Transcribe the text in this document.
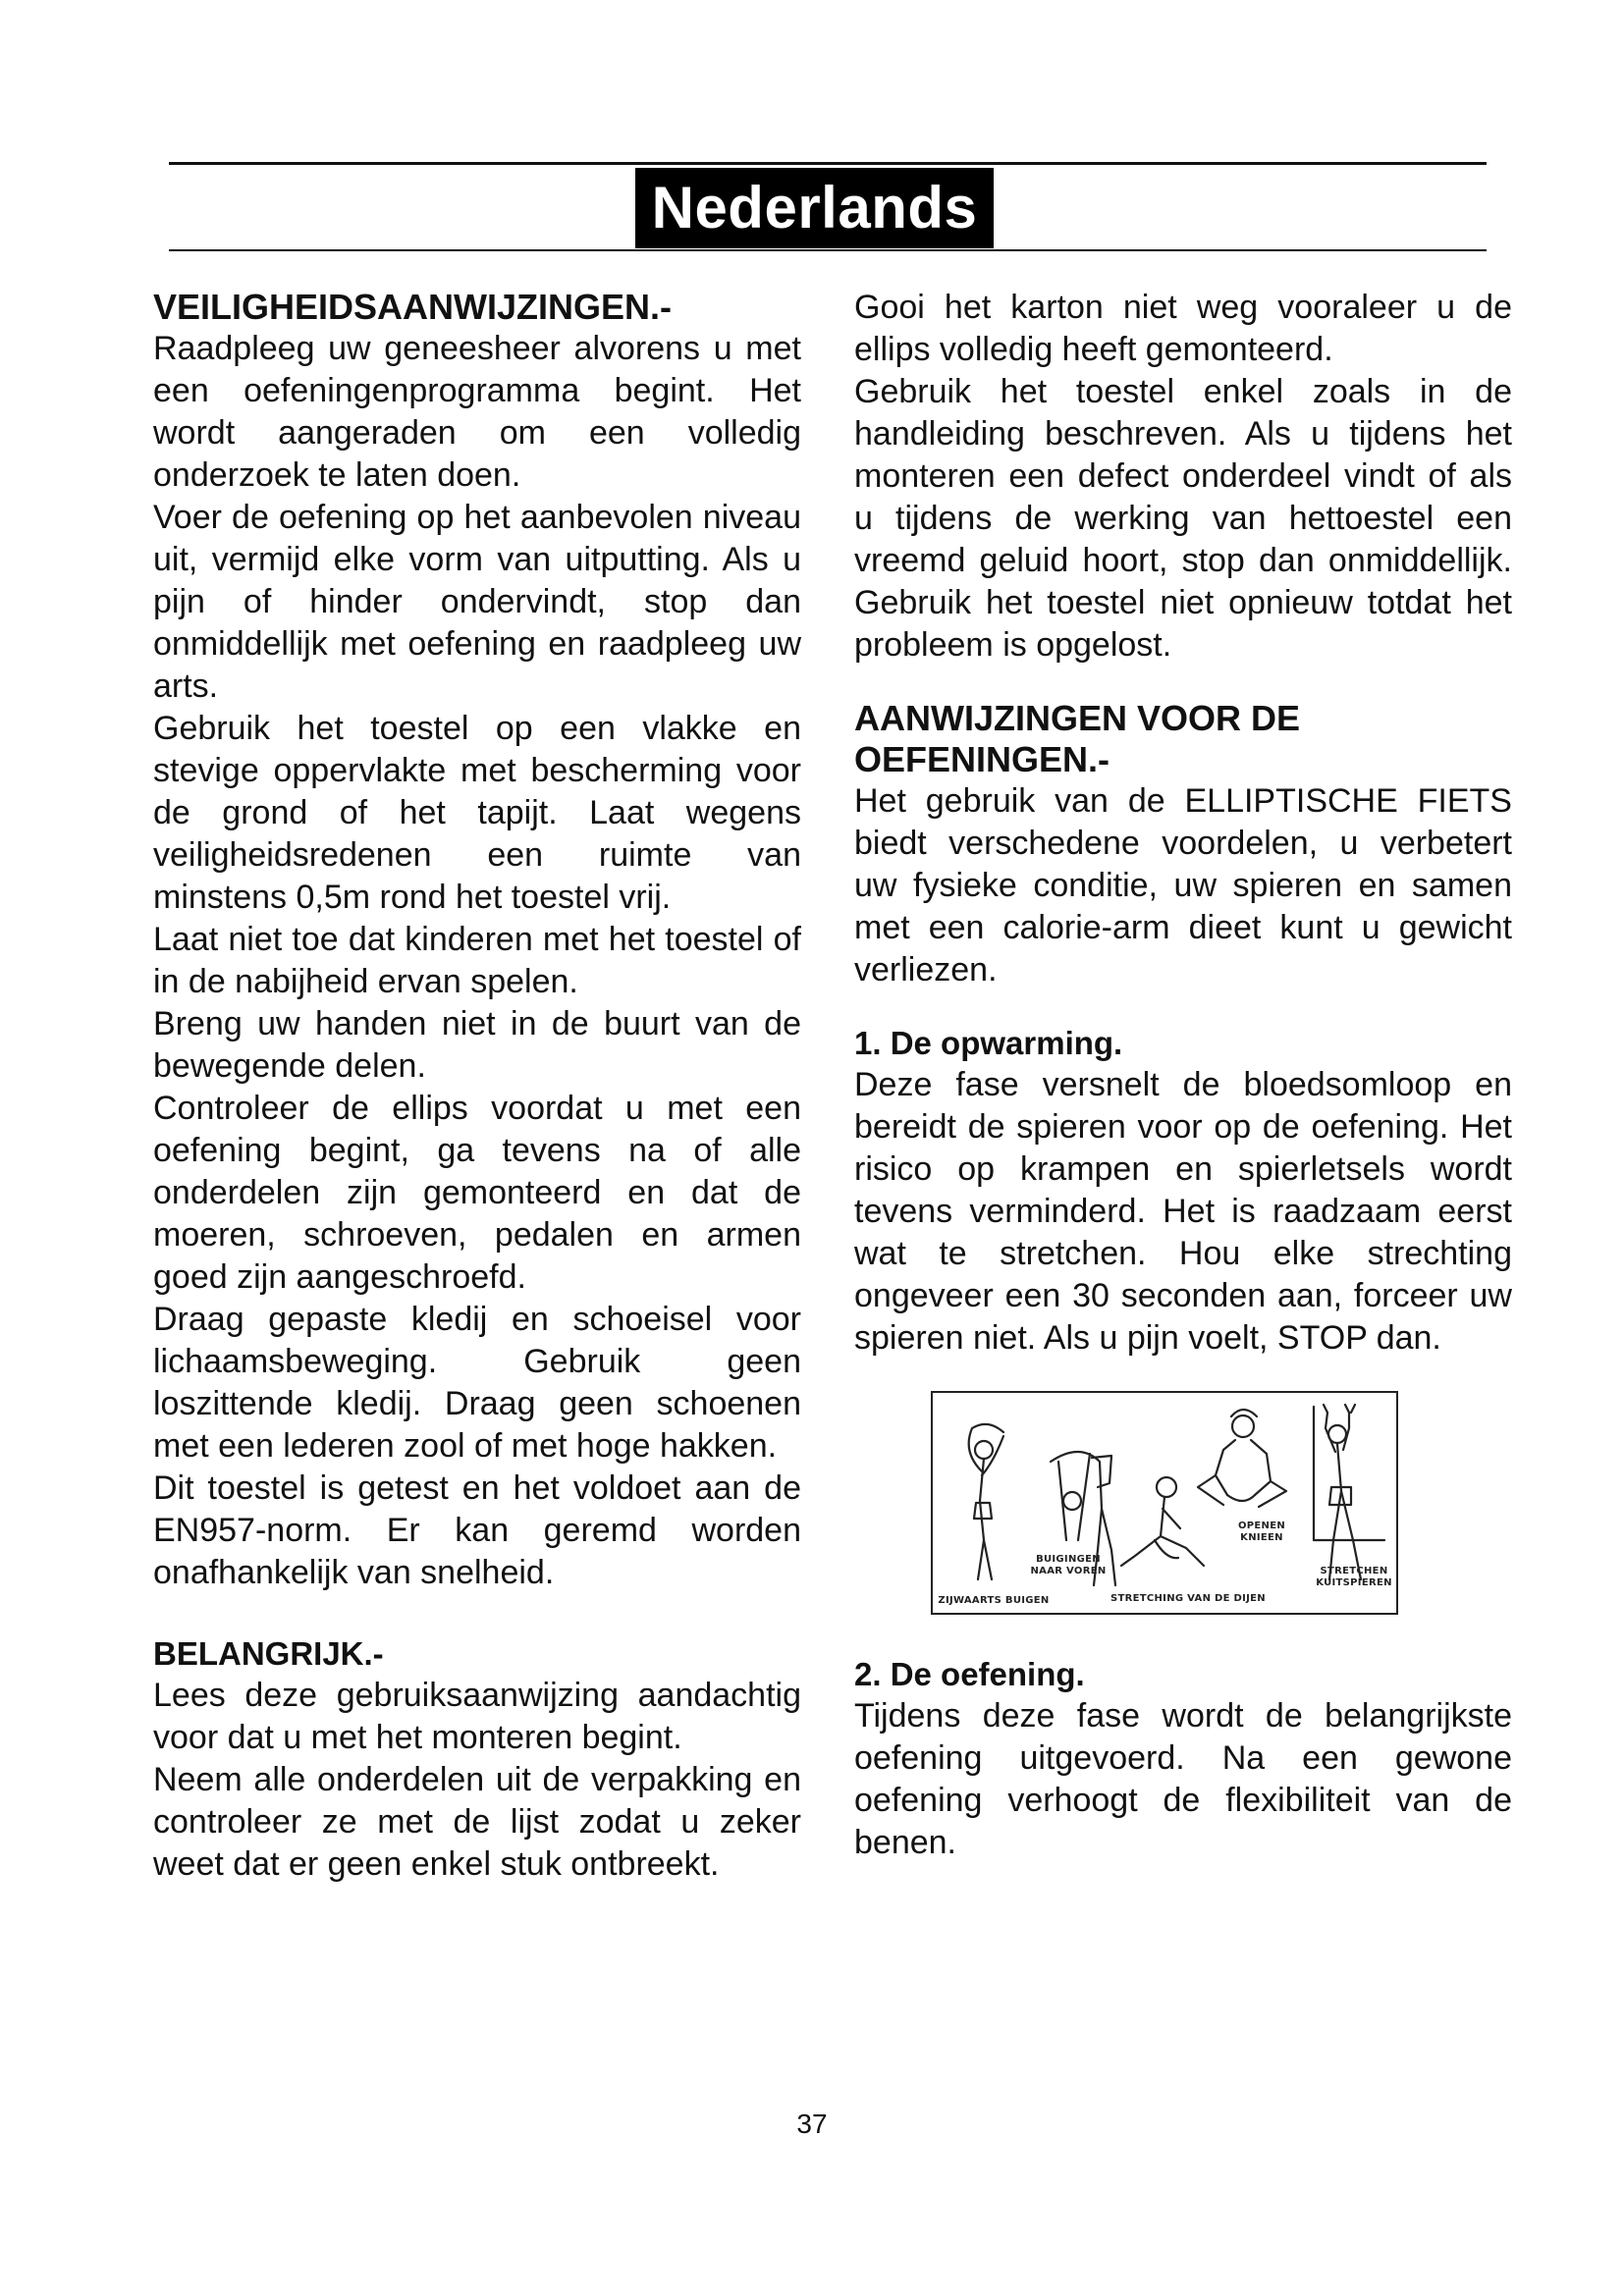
Nederlands
VEILIGHEIDSAANWIJZINGEN.-

Raadpleeg uw geneesheer alvorens u met een oefeningenprogramma begint. Het wordt aangeraden om een volledig onderzoek te laten doen.

Voer de oefening op het aanbevolen niveau uit, vermijd elke vorm van uitputting. Als u pijn of hinder ondervindt, stop dan onmiddellijk met oefening en raadpleeg uw arts.

Gebruik het toestel op een vlakke en stevige oppervlakte met bescherming voor de grond of het tapijt. Laat wegens veiligheidsredenen een ruimte van minstens 0,5m rond het toestel vrij.

Laat niet toe dat kinderen met het toestel of in de nabijheid ervan spelen.

Breng uw handen niet in de buurt van de bewegende delen.

Controleer de ellips voordat u met een oefening begint, ga tevens na of alle onderdelen zijn gemonteerd en dat de moeren, schroeven, pedalen en armen goed zijn aangeschroefd.

Draag gepaste kledij en schoeisel voor lichaamsbeweging. Gebruik geen loszittende kledij. Draag geen schoenen met een lederen zool of met hoge hakken.

Dit toestel is getest en het voldoet aan de EN957-norm. Er kan geremd worden onafhankelijk van snelheid.

BELANGRIJK.-

Lees deze gebruiksaanwijzing aandachtig voor dat u met het monteren begint.

Neem alle onderdelen uit de verpakking en controleer ze met de lijst zodat u zeker weet dat er geen enkel stuk ontbreekt.

Gooi het karton niet weg vooraleer u de ellips volledig heeft gemonteerd.

Gebruik het toestel enkel zoals in de handleiding beschreven. Als u tijdens het monteren een defect onderdeel vindt of als u tijdens de werking van hettoestel een vreemd geluid hoort, stop dan onmiddellijk. Gebruik het toestel niet opnieuw totdat het probleem is opgelost.

AANWIJZINGEN VOOR DE OEFENINGEN.-

Het gebruik van de ELLIPTISCHE FIETS biedt verschedene voordelen, u verbetert uw fysieke conditie, uw spieren en samen met een calorie-arm dieet kunt u gewicht verliezen.

1. De opwarming.

Deze fase versnelt de bloedsomloop en bereidt de spieren voor op de oefening. Het risico op krampen en spierletsels wordt tevens verminderd. Het is raadzaam eerst wat te stretchen. Hou elke strechting ongeveer een 30 seconden aan, forceer uw spieren niet. Als u pijn voelt, STOP dan.

ZIJWAARTS BUIGEN
BUIGINGEN
NAAR VOREN
STRETCHING VAN DE DIJEN
OPENEN
KNIEEN
STRETCHEN
KUITSPIEREN
2. De oefening.

Tijdens deze fase wordt de belangrijkste oefening uitgevoerd. Na een gewone oefening verhoogt de flexibiliteit van de benen.

37
